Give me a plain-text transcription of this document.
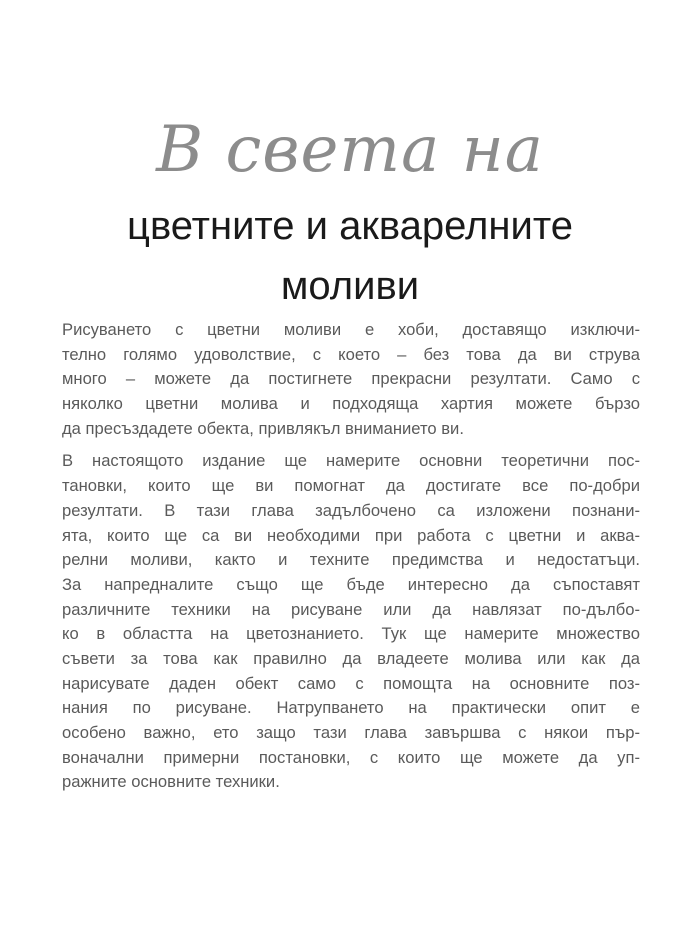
В света на
цветните и акварелните
моливи

Рисуването с цветни моливи е хоби, доставящо изключи-
телно голямо удоволствие, с което – без това да ви струва
много – можете да постигнете прекрасни резултати. Само с
няколко цветни молива и подходяща хартия можете бързо
да пресъздадете обекта, привлякъл вниманието ви.

В настоящото издание ще намерите основни теоретични пос-
тановки, които ще ви помогнат да достигате все по-добри
резултати. В тази глава задълбочено са изложени познани-
ята, които ще са ви необходими при работа с цветни и аква-
релни моливи, както и техните предимства и недостатъци.
За напредналите също ще бъде интересно да съпоставят
различните техники на рисуване или да навлязат по-дълбо-
ко в областта на цветознанието. Тук ще намерите множество
съвети за това как правилно да владеете молива или как да
нарисувате даден обект само с помощта на основните поз-
нания по рисуване. Натрупването на практически опит е
особено важно, ето защо тази глава завършва с някои пър-
воначални примерни постановки, с които ще можете да уп-
ражните основните техники.
